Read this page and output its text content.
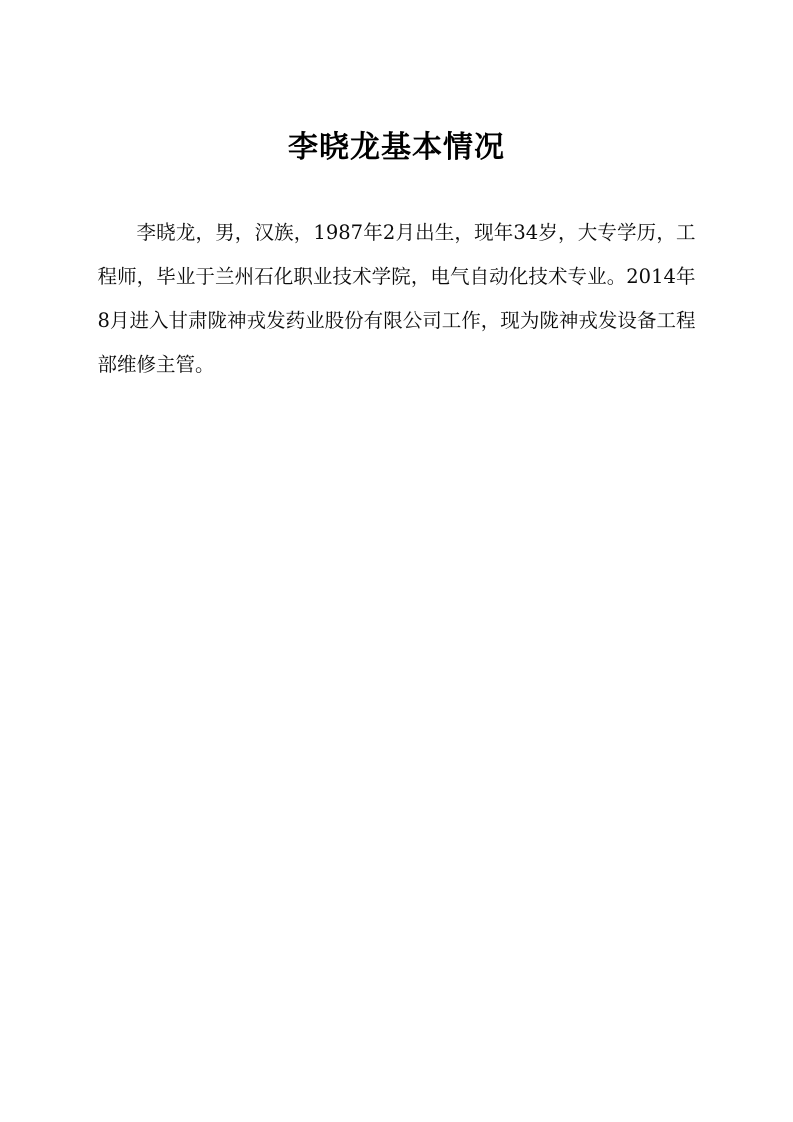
李晓龙基本情况

李晓龙，男，汉族，1987年2月出生，现年34岁，大专学历，工程师，毕业于兰州石化职业技术学院，电气自动化技术专业。2014年8月进入甘肃陇神戎发药业股份有限公司工作，现为陇神戎发设备工程部维修主管。
